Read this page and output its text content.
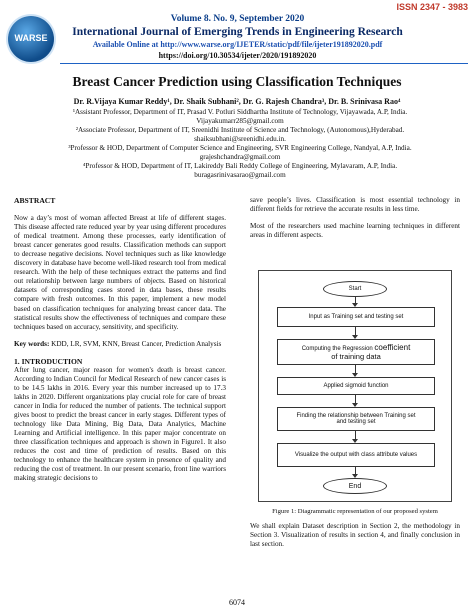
ISSN 2347 - 3983
WARSE
Volume 8. No. 9, September 2020
International Journal of Emerging Trends in Engineering Research
Available Online at http://www.warse.org/IJETER/static/pdf/file/ijeter191892020.pdf
https://doi.org/10.30534/ijeter/2020/191892020
Breast Cancer Prediction using Classification Techniques
Dr. R.Vijaya Kumar Reddy¹, Dr. Shaik Subhani², Dr. G. Rajesh Chandra³, Dr. B. Srinivasa Rao⁴
¹Assistant Professor, Department of IT, Prasad V. Potluri Siddhartha Institute of Technology, Vijayawada, A.P, India. Vijayakumarr285@gmail.com
²Associate Professor, Department of IT, Sreenidhi Institute of Science and Technology, (Autonomous),Hyderabad. shaiksubhani@sreenidhi.edu.in.
³Professor & HOD, Department of Computer Science and Engineering, SVR Engineering College, Nandyal, A.P, India. grajeshchandra@gmail.com
⁴Professor & HOD, Department of IT, Lakireddy Bali Reddy College of Engineering, Mylavaram, A.P, India. buragasrinivasarao@gmail.com
ABSTRACT
Now a day’s most of woman affected Breast at life of different stages. This disease affected rate reduced year by year using different procedures of medical treatment. Among these processes, early identification of breast cancer generates good results. Classification methods can support to decrease negative decisions. Novel techniques such as like knowledge discovery in database have become well-liked research tool from medical research. With the help of these techniques extract the patterns and find out relationship between large numbers of objects. Based on historical datasets of corresponding cases stored in data bases, these results compare with fresh outcomes. In this paper, implement a new model based on classification techniques for analyzing breast cancer data. The statistical results show the effectiveness of techniques and compare these techniques based on accuracy, sensitivity, and specificity.
Key words: KDD, LR, SVM, KNN, Breast Cancer, Prediction Analysis
1. INTRODUCTION
After lung cancer, major reason for women's death is breast cancer. According to Indian Council for Medical Research of new cancer cases is to be 14.5 lakhs in 2016. Every year this number increased up to 17.3 lakhs in 2020. Different organizations play crucial role for care of breast cancer in India for reduced the number of patients. The technical support gives boost to predict the breast cancer in early stages. Different types of technology like Data Mining, Big Data, Data Analytics, Machine Learning and Artificial intelligence. In this paper major concentrate on three classification techniques and approach is shown in Figure1. It also reduces the cost and time of prediction of results. Based on this technology to enhance the healthcare system in presence of quality and reducing the cost of treatment. In our present scenario, front line warriors making strategic decisions to
save people’s lives. Classification is most essential technology in different fields for retrieve the accurate results in less time.
Most of the researchers used machine learning techniques in different areas in different aspects.
Start
Input as Training set and testing set
Computing the Regression coefficient
of training data
Applied sigmoid function
Finding the relationship between Training set and testing set
Visualize the output with class attribute values
End
Figure 1: Diagrammatic representation of our proposed system
We shall explain Dataset description in Section 2, the methodology in Section 3. Visualization of results in section 4, and finally conclusion in last section.
6074
